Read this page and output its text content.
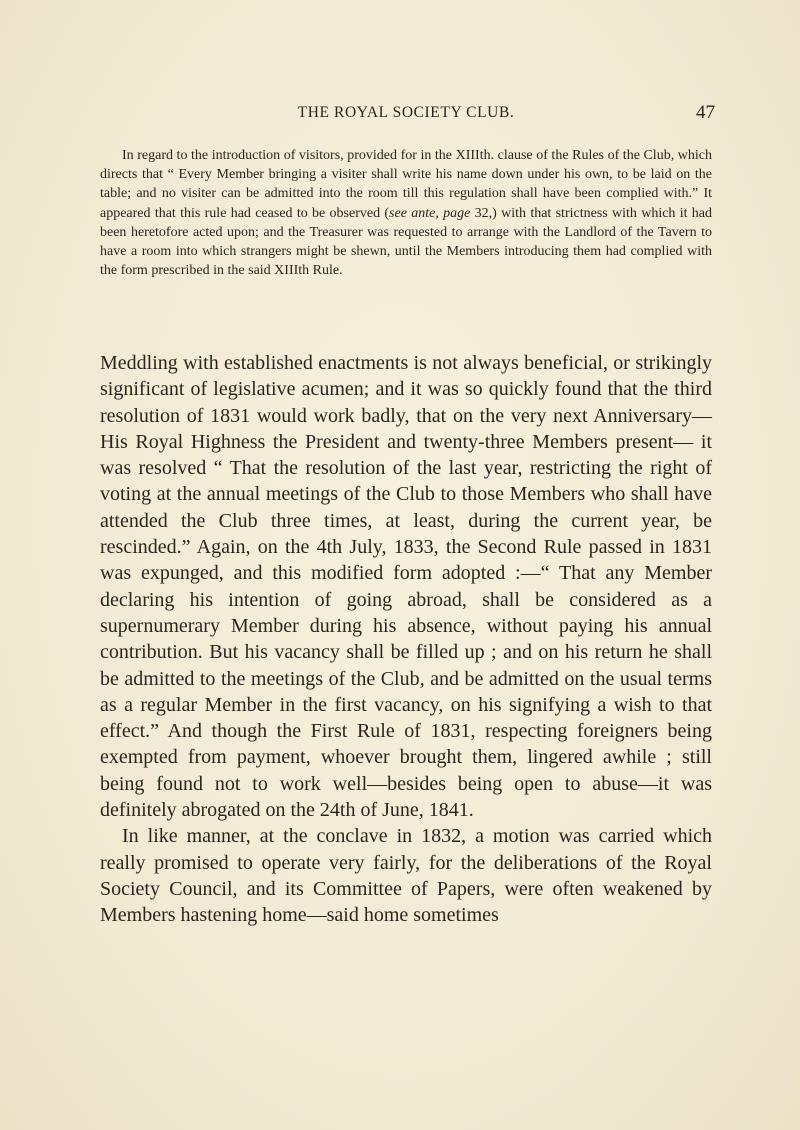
THE ROYAL SOCIETY CLUB.	47

In regard to the introduction of visitors, provided for in the XIIIth. clause of the Rules of the Club, which directs that “ Every Member bringing a visiter shall write his name down under his own, to be laid on the table; and no visiter can be admitted into the room till this regulation shall have been complied with.” It appeared that this rule had ceased to be observed (see ante, page 32,) with that strictness with which it had been heretofore acted upon; and the Treasurer was requested to arrange with the Landlord of the Tavern to have a room into which strangers might be shewn, until the Members introducing them had complied with the form prescribed in the said XIIIth Rule.

Meddling with established enactments is not always beneficial, or strikingly significant of legislative acumen; and it was so quickly found that the third resolution of 1831 would work badly, that on the very next Anniversary— His Royal Highness the President and twenty-three Members present— it was resolved “ That the resolution of the last year, restricting the right of voting at the annual meetings of the Club to those Members who shall have attended the Club three times, at least, during the current year, be rescinded.” Again, on the 4th July, 1833, the Second Rule passed in 1831 was expunged, and this modified form adopted :—“ That any Member declaring his intention of going abroad, shall be considered as a supernumerary Member during his absence, without paying his annual contribution. But his vacancy shall be filled up ; and on his return he shall be admitted to the meetings of the Club, and be admitted on the usual terms as a regular Member in the first vacancy, on his signifying a wish to that effect.” And though the First Rule of 1831, respecting foreigners being exempted from payment, whoever brought them, lingered awhile ; still being found not to work well—besides being open to abuse—it was definitely abrogated on the 24th of June, 1841.

In like manner, at the conclave in 1832, a motion was carried which really promised to operate very fairly, for the deliberations of the Royal Society Council, and its Committee of Papers, were often weakened by Members hastening home—said home sometimes
